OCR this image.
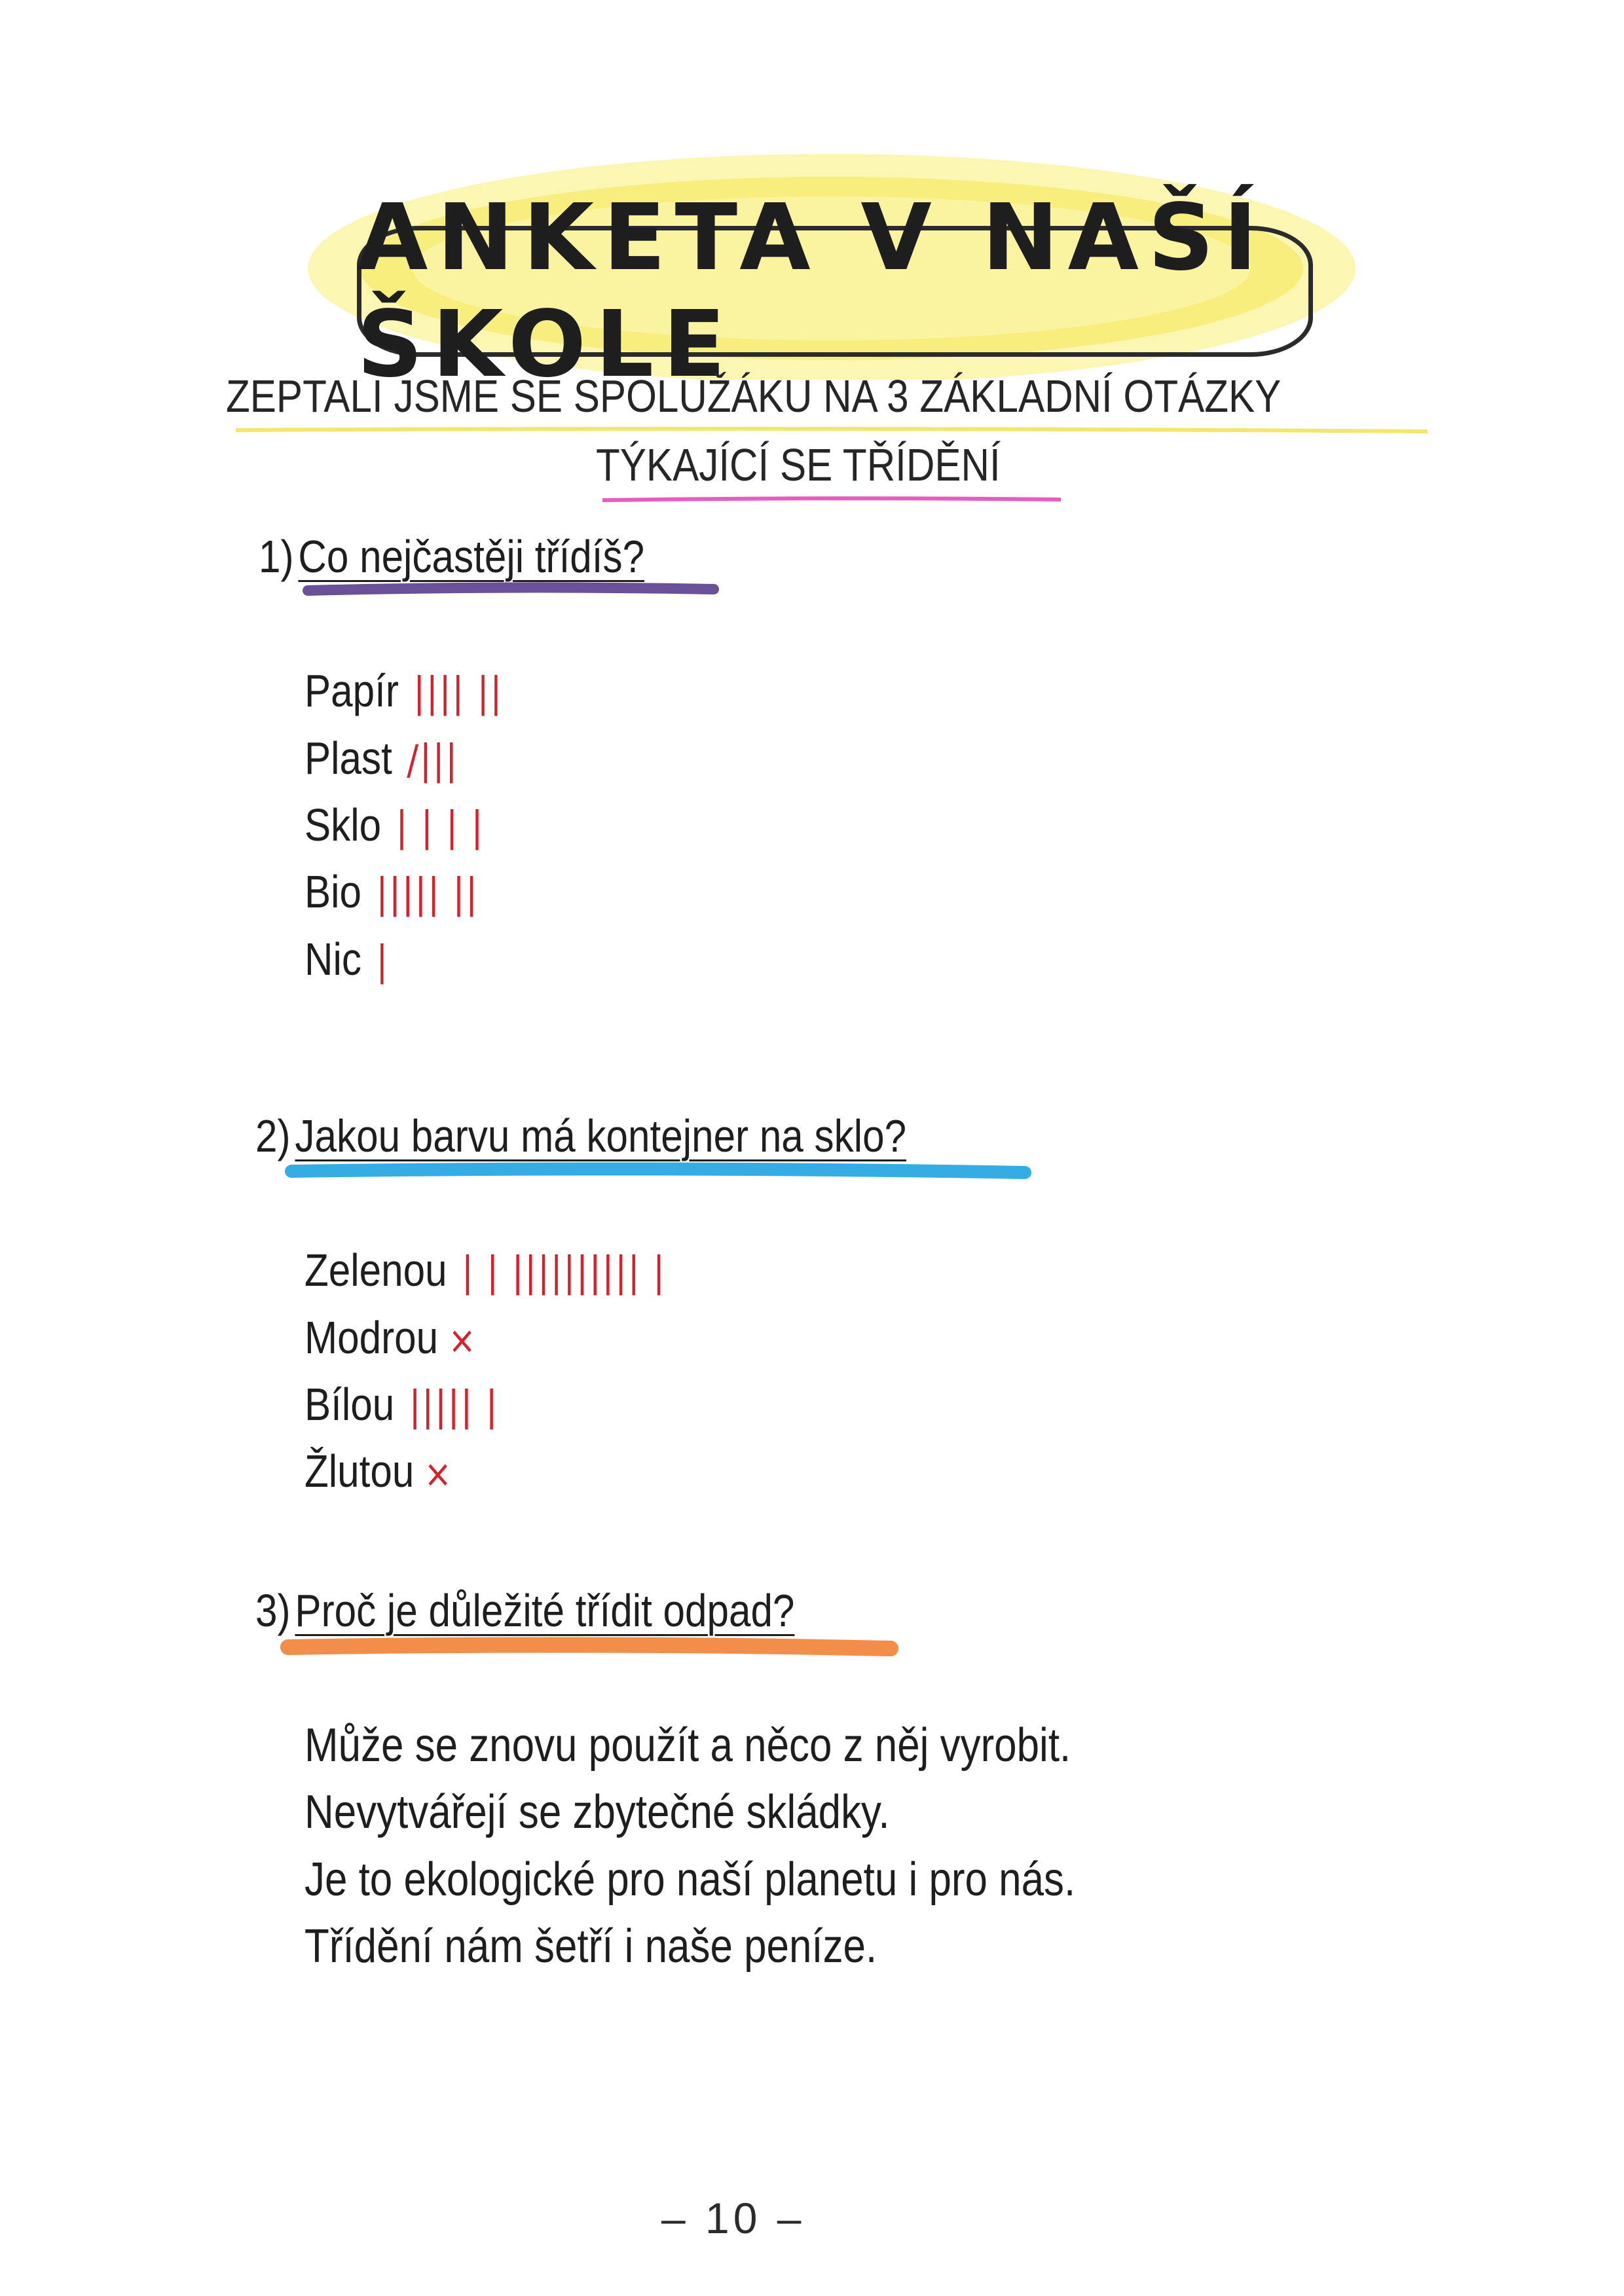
ANKETA V NAŠÍ ŠKOLE
ZEPTALI JSME SE SPOLUŽÁKU NA 3 ZÁKLADNÍ OTÁZKY
TÝKAJÍCÍ SE TŘÍDĚNÍ
1)Co nejčastěji třídíš?
Papír |||| ||
Plast /|||
Sklo | | | |
Bio ||||| ||
Nic |
2)Jakou barvu má kontejner na sklo?
Zelenou | | |||||||||| |
Modrou ×
Bílou ||||| |
Žlutou ×
3)Proč je důležité třídit odpad?
Může se znovu použít a něco z něj vyrobit.
Nevytvářejí se zbytečné skládky.
Je to ekologické pro naší planetu i pro nás.
Třídění nám šetří i naše peníze.
– 10 –
